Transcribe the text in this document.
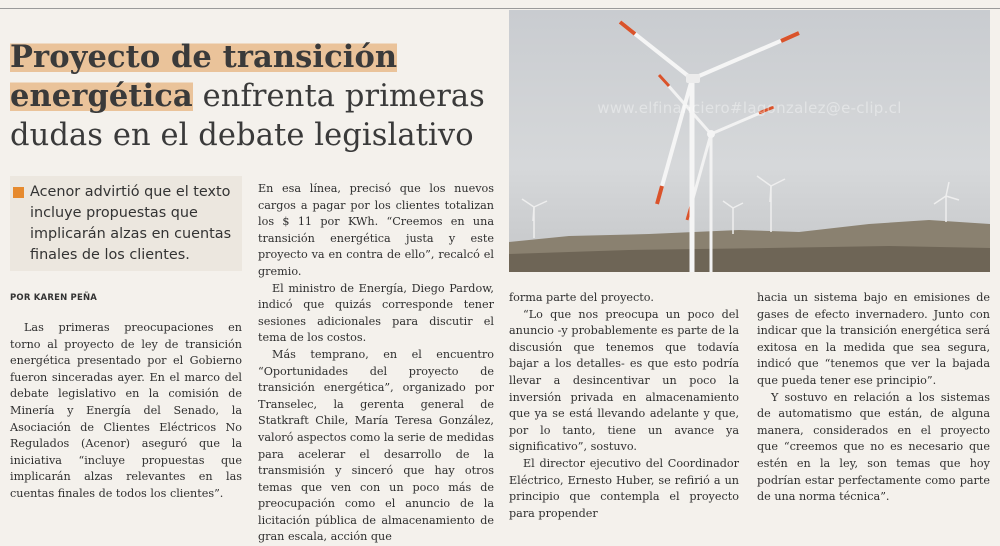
Proyecto de transición energética enfrenta primeras dudas en el debate legislativo
Acenor advirtió que el texto incluye propuestas que implicarán alzas en cuentas finales de los clientes.
POR KAREN PEÑA

Las primeras preocupaciones en torno al proyecto de ley de transición energética presentado por el Gobierno fueron sinceradas ayer. En el marco del debate legislativo en la comisión de Minería y Energía del Senado, la Asociación de Clientes Eléctricos No Regulados (Acenor) aseguró que la iniciativa “incluye propuestas que implicarán alzas relevantes en las cuentas finales de todos los clientes”.

En esa línea, precisó que los nuevos cargos a pagar por los clientes totalizan los $ 11 por KWh. “Creemos en una transición energética justa y este proyecto va en contra de ello”, recalcó el gremio.

El ministro de Energía, Diego Pardow, indicó que quizás corresponde tener sesiones adicionales para discutir el tema de los costos.

Más temprano, en el encuentro “Oportunidades del proyecto de transición energética”, organizado por Transelec, la gerenta general de Statkraft Chile, María Teresa González, valoró aspectos como la serie de medidas para acelerar el desarrollo de la transmisión y sinceró que hay otros temas que ven con un poco más de preocupación como el anuncio de la licitación pública de almacenamiento de gran escala, acción que

forma parte del proyecto.

“Lo que nos preocupa un poco del anuncio -y probablemente es parte de la discusión que tenemos que todavía bajar a los detalles- es que esto podría llevar a desincentivar un poco la inversión privada en almacenamiento que ya se está llevando adelante y que, por lo tanto, tiene un avance ya significativo”, sostuvo.

El director ejecutivo del Coordinador Eléctrico, Ernesto Huber, se refirió a un principio que contempla el proyecto para propender

hacia un sistema bajo en emisiones de gases de efecto invernadero. Junto con indicar que la transición energética será exitosa en la medida que sea segura, indicó que “tenemos que ver la bajada que pueda tener ese principio”.

Y sostuvo en relación a los sistemas de automatismo que están, de alguna manera, considerados en el proyecto que “creemos que no es necesario que estén en la ley, son temas que hoy podrían estar perfectamente como parte de una norma técnica”.

www.elfinanciero#lagonzalez@e-clip.cl
